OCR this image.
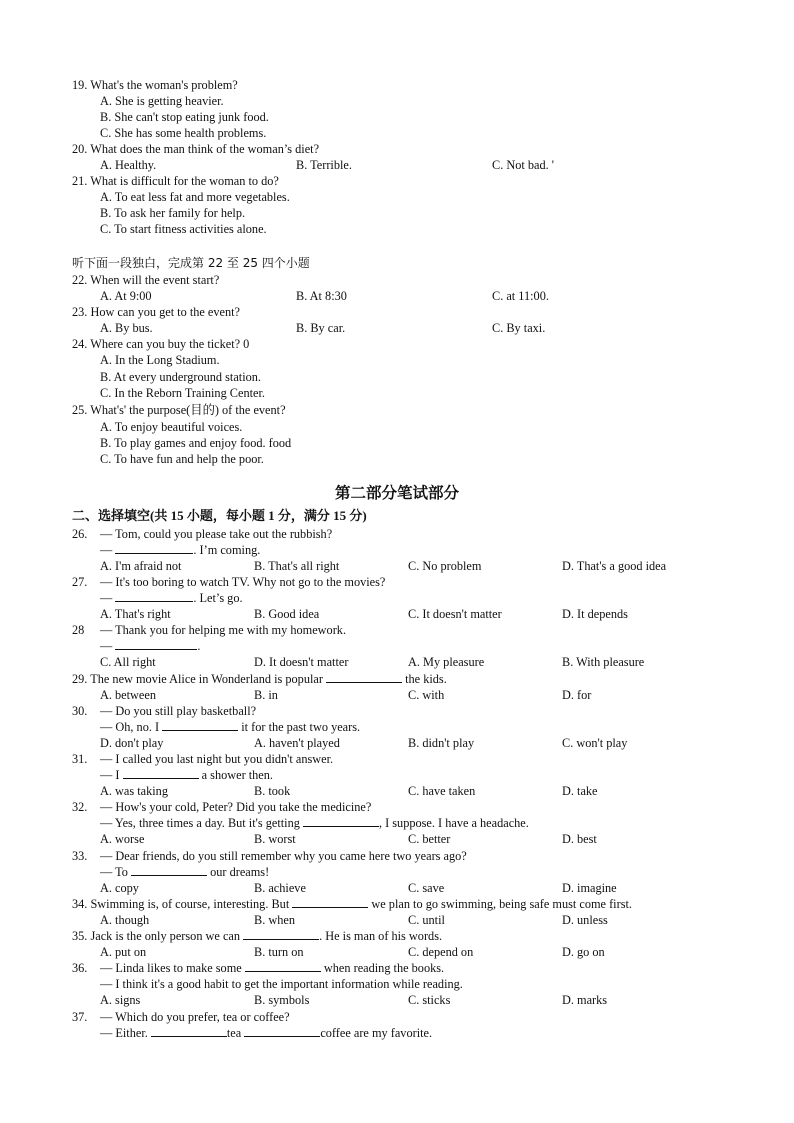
19. What's the woman's problem?
A. She is getting heavier.
B. She can't stop eating junk food.
C. She has some health problems.
20. What does the man think of the woman’s diet?
A. Healthy.	B. Terrible.	C. Not bad. '
21. What is difficult for the woman to do?
A. To eat less fat and more vegetables.
B. To ask her family for help.
C. To start fitness activities alone.
听下面一段独白，完成第 22 至 25 四个小题
22. When will the event start?
A. At 9:00	B. At 8:30	C. at 11:00.
23. How can you get to the event?
A. By bus.	B. By car.	C. By taxi.
24. Where can you buy the ticket? 0
A. In the Long Stadium.
B. At every underground station.
C. In the Reborn Training Center.
25. What's' the purpose(目的) of the event?
A. To enjoy beautiful voices.
B. To play games and enjoy food. food
C. To have fun and help the poor.
第二部分笔试部分
二、选择填空(共 15 小题，每小题 1 分，满分 15 分)
26. — Tom, could you please take out the rubbish?
—	. I’m coming.
A. I'm afraid not	B. That's all right	C. No problem	D. That's a good idea
27. — It's too boring to watch TV. Why not go to the movies?
—	. Let’s go.
A. That's right	B. Good idea	C. It doesn't matter	D. It depends
28 — Thank you for helping me with my homework.
—	.
C. All right	D. It doesn't matter	A. My pleasure	B. With pleasure
29. The new movie Alice in Wonderland is popular	the kids.
A. between	B. in	C. with	D. for
30. — Do you still play basketball?
— Oh, no. I	it for the past two years.
D. don't play	A. haven't played	B. didn't play	C. won't play
31. — I called you last night but you didn't answer.
— I	a shower then.
A. was taking	B. took	C. have taken	D. take
32. — How's your cold, Peter? Did you take the medicine?
— Yes, three times a day. But it's getting	, I suppose. I have a headache.
A. worse	B. worst	C. better	D. best
33. — Dear friends, do you still remember why you came here two years ago?
— To	our dreams!
A. copy	B. achieve	C. save	D. imagine
34. Swimming is, of course, interesting. But	we plan to go swimming, being safe must come first.
A. though	B. when	C. until	D. unless
35. Jack is the only person we can	. He is man of his words.
A. put on	B. turn on	C. depend on	D. go on
36. — Linda likes to make some	when reading the books.
— I think it's a good habit to get the important information while reading.
A. signs	B. symbols	C. sticks	D. marks
37. — Which do you prefer, tea or coffee?
— Either.	tea	coffee are my favorite.
